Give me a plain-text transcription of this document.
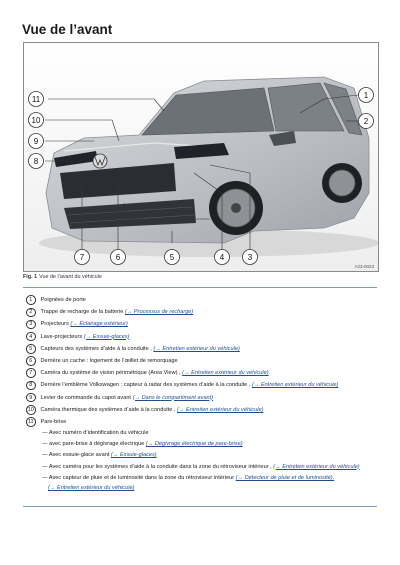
Vue de l’avant
11
10
9
8
1
2
3
4
5
6
7
A23-0023
Fig. 1 Vue de l’avant du véhicule
1	Poignées de porte
2	Trappe de recharge de la batterie (→ Processus de recharge)
3	Projecteurs (→ Éclairage extérieur)
4	Lave-projecteurs (→ Essuie-glaces)
5	Capteurs des systèmes d’aide à la conduite , (→ Entretien extérieur du véhicule)
6	Derrière un cache : logement de l’œillet de remorquage
7	Caméra du système de vision périmétrique (Area View) , (→ Entretien extérieur du véhicule)
8	Derrière l’emblème Volkswagen : capteur à radar des systèmes d’aide à la conduite , (→ Entretien extérieur du véhicule)
9	Levier de commande du capot avant (→ Dans le compartiment avant)
10	Caméra thermique des systèmes d’aide à la conduite , (→ Entretien extérieur du véhicule)
11	Pare-brise
— Avec numéro d’identification du véhicule
— avec pare-brise à dégivrage électrique (→ Dégivrage électrique de pare-brise)
— Avec essuie-glace avant (→ Essuie-glaces)
— Avec caméra pour les systèmes d’aide à la conduite dans la zone du rétroviseur intérieur , (→ Entretien extérieur du véhicule)
— Avec capteur de pluie et de luminosité dans la zone du rétroviseur intérieur (→ Détecteur de pluie et de luminosité),
(→ Entretien extérieur du véhicule)
